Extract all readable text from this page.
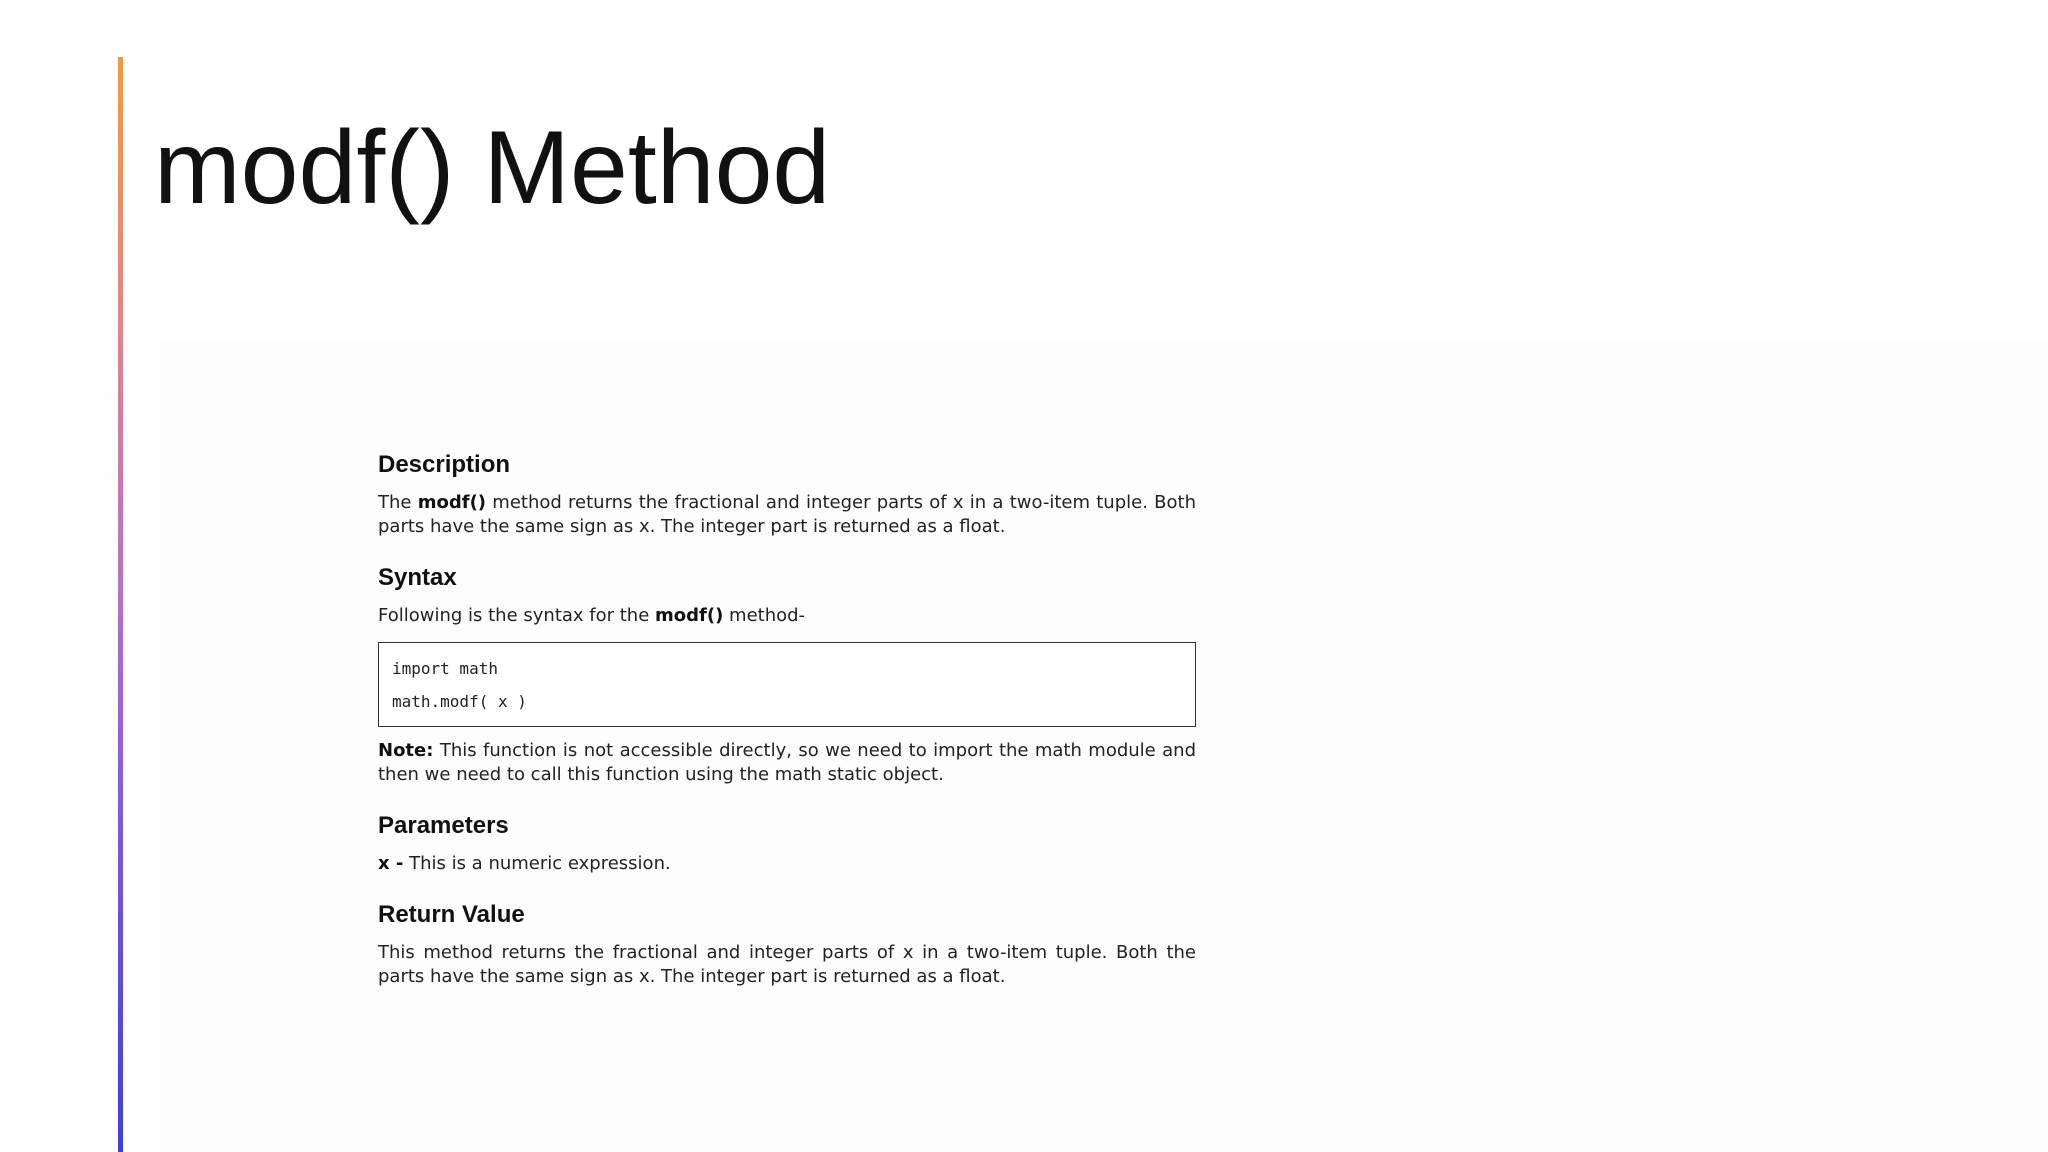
modf() Method
Description

The modf() method returns the fractional and integer parts of x in a two-item tuple. Both parts have the same sign as x. The integer part is returned as a float.

Syntax

Following is the syntax for the modf() method-

import math
math.modf( x )

Note: This function is not accessible directly, so we need to import the math module and then we need to call this function using the math static object.

Parameters

x - This is a numeric expression.

Return Value

This method returns the fractional and integer parts of x in a two-item tuple. Both the parts have the same sign as x. The integer part is returned as a float.
